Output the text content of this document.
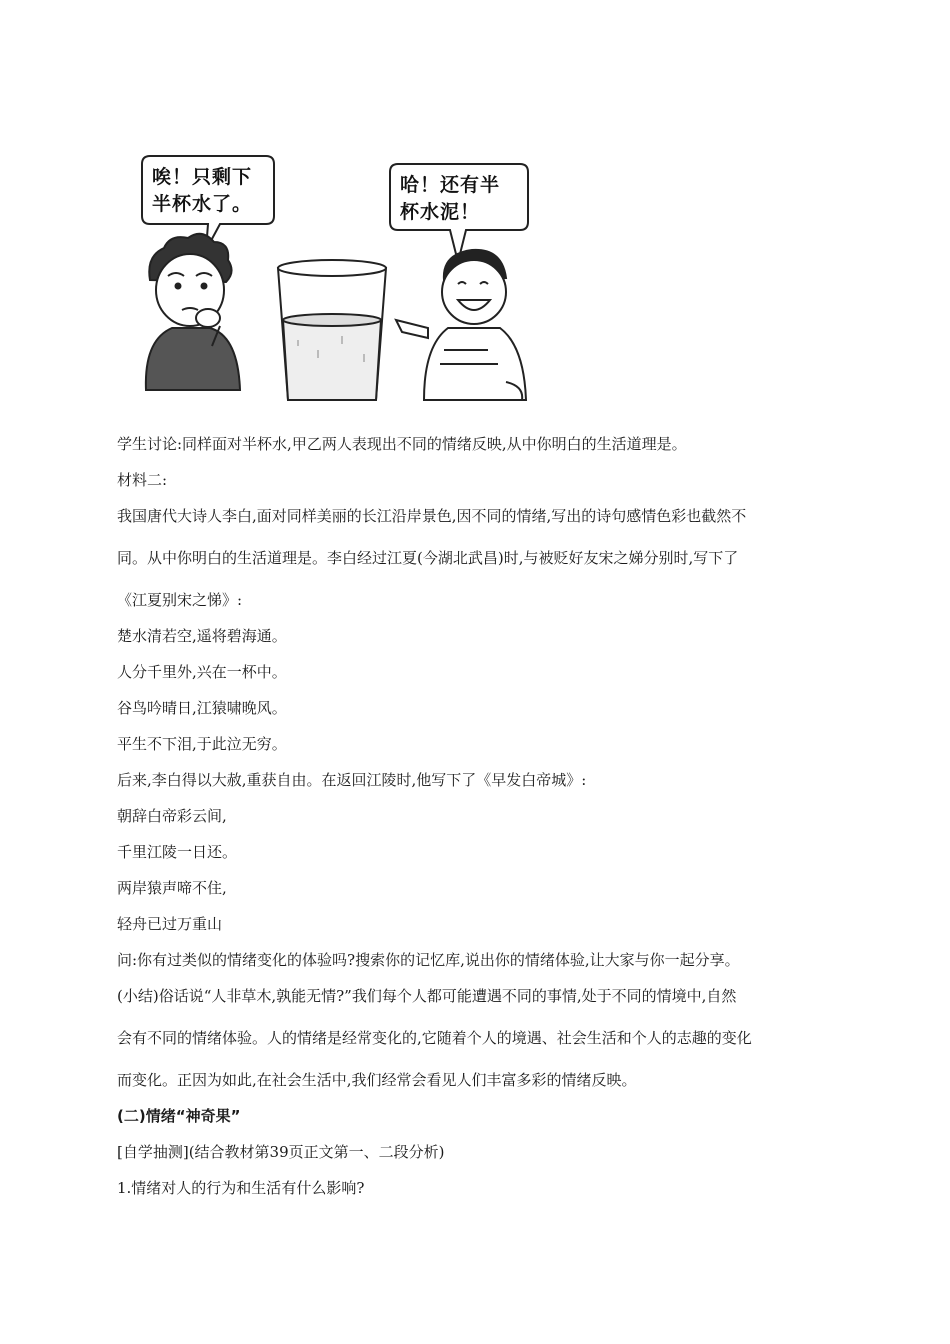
唉！只剩下
半杯水了。
哈！还有半
杯水泥！
学生讨论:同样面对半杯水,甲乙两人表现出不同的情绪反映,从中你明白的生活道理是。
材料二:
我国唐代大诗人李白,面对同样美丽的长江沿岸景色,因不同的情绪,写出的诗句感情色彩也截然不
同。从中你明白的生活道理是。李白经过江夏(今湖北武昌)时,与被贬好友宋之娣分别时,写下了
《江夏别宋之悌》:
楚水清若空,遥将碧海通。
人分千里外,兴在一杯中。
谷鸟吟晴日,江猿啸晚风。
平生不下泪,于此泣无穷。
后来,李白得以大赦,重获自由。在返回江陵时,他写下了《早发白帝城》:
朝辞白帝彩云间,
千里江陵一日还。
两岸猿声啼不住,
轻舟已过万重山
问:你有过类似的情绪变化的体验吗?搜索你的记忆库,说出你的情绪体验,让大家与你一起分享。
(小结)俗话说“人非草木,孰能无情?”我们每个人都可能遭遇不同的事情,处于不同的情境中,自然
会有不同的情绪体验。人的情绪是经常变化的,它随着个人的境遇、社会生活和个人的志趣的变化
而变化。正因为如此,在社会生活中,我们经常会看见人们丰富多彩的情绪反映。
(二)情绪“神奇果”
[自学抽测](结合教材第39页正文第一、二段分析)
1.情绪对人的行为和生活有什么影响?
